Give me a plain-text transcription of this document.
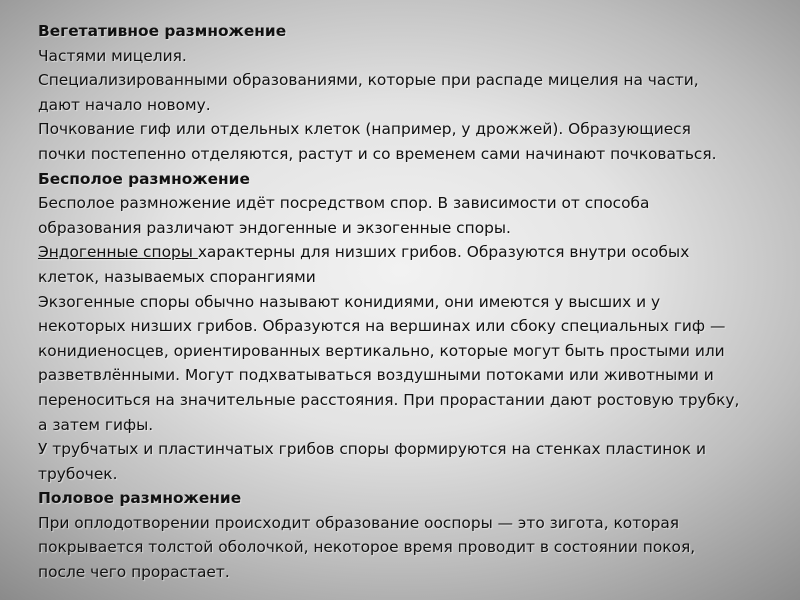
Вегетативное размножение

Частями мицелия.

Специализированными образованиями, которые при распаде мицелия на части,

дают начало новому.

Почкование гиф или отдельных клеток (например, у дрожжей). Образующиеся

почки постепенно отделяются, растут и со временем сами начинают почковаться.

Бесполое размножение

Бесполое размножение идёт посредством спор. В зависимости от способа

образования различают эндогенные и экзогенные споры.

Эндогенные споры характерны для низших грибов. Образуются внутри особых

клеток, называемых спорангиями

Экзогенные споры обычно называют конидиями, они имеются у высших и у

некоторых низших грибов. Образуются на вершинах или сбоку специальных гиф —

конидиеносцев, ориентированных вертикально, которые могут быть простыми или

разветвлёнными. Могут подхватываться воздушными потоками или животными и

переноситься на значительные расстояния. При прорастании дают ростовую трубку,

а затем гифы.

У трубчатых и пластинчатых грибов споры формируются на стенках пластинок и

трубочек.

Половое размножение

При оплодотворении происходит образование ооспоры — это зигота, которая

покрывается толстой оболочкой, некоторое время проводит в состоянии покоя,

после чего прорастает.
